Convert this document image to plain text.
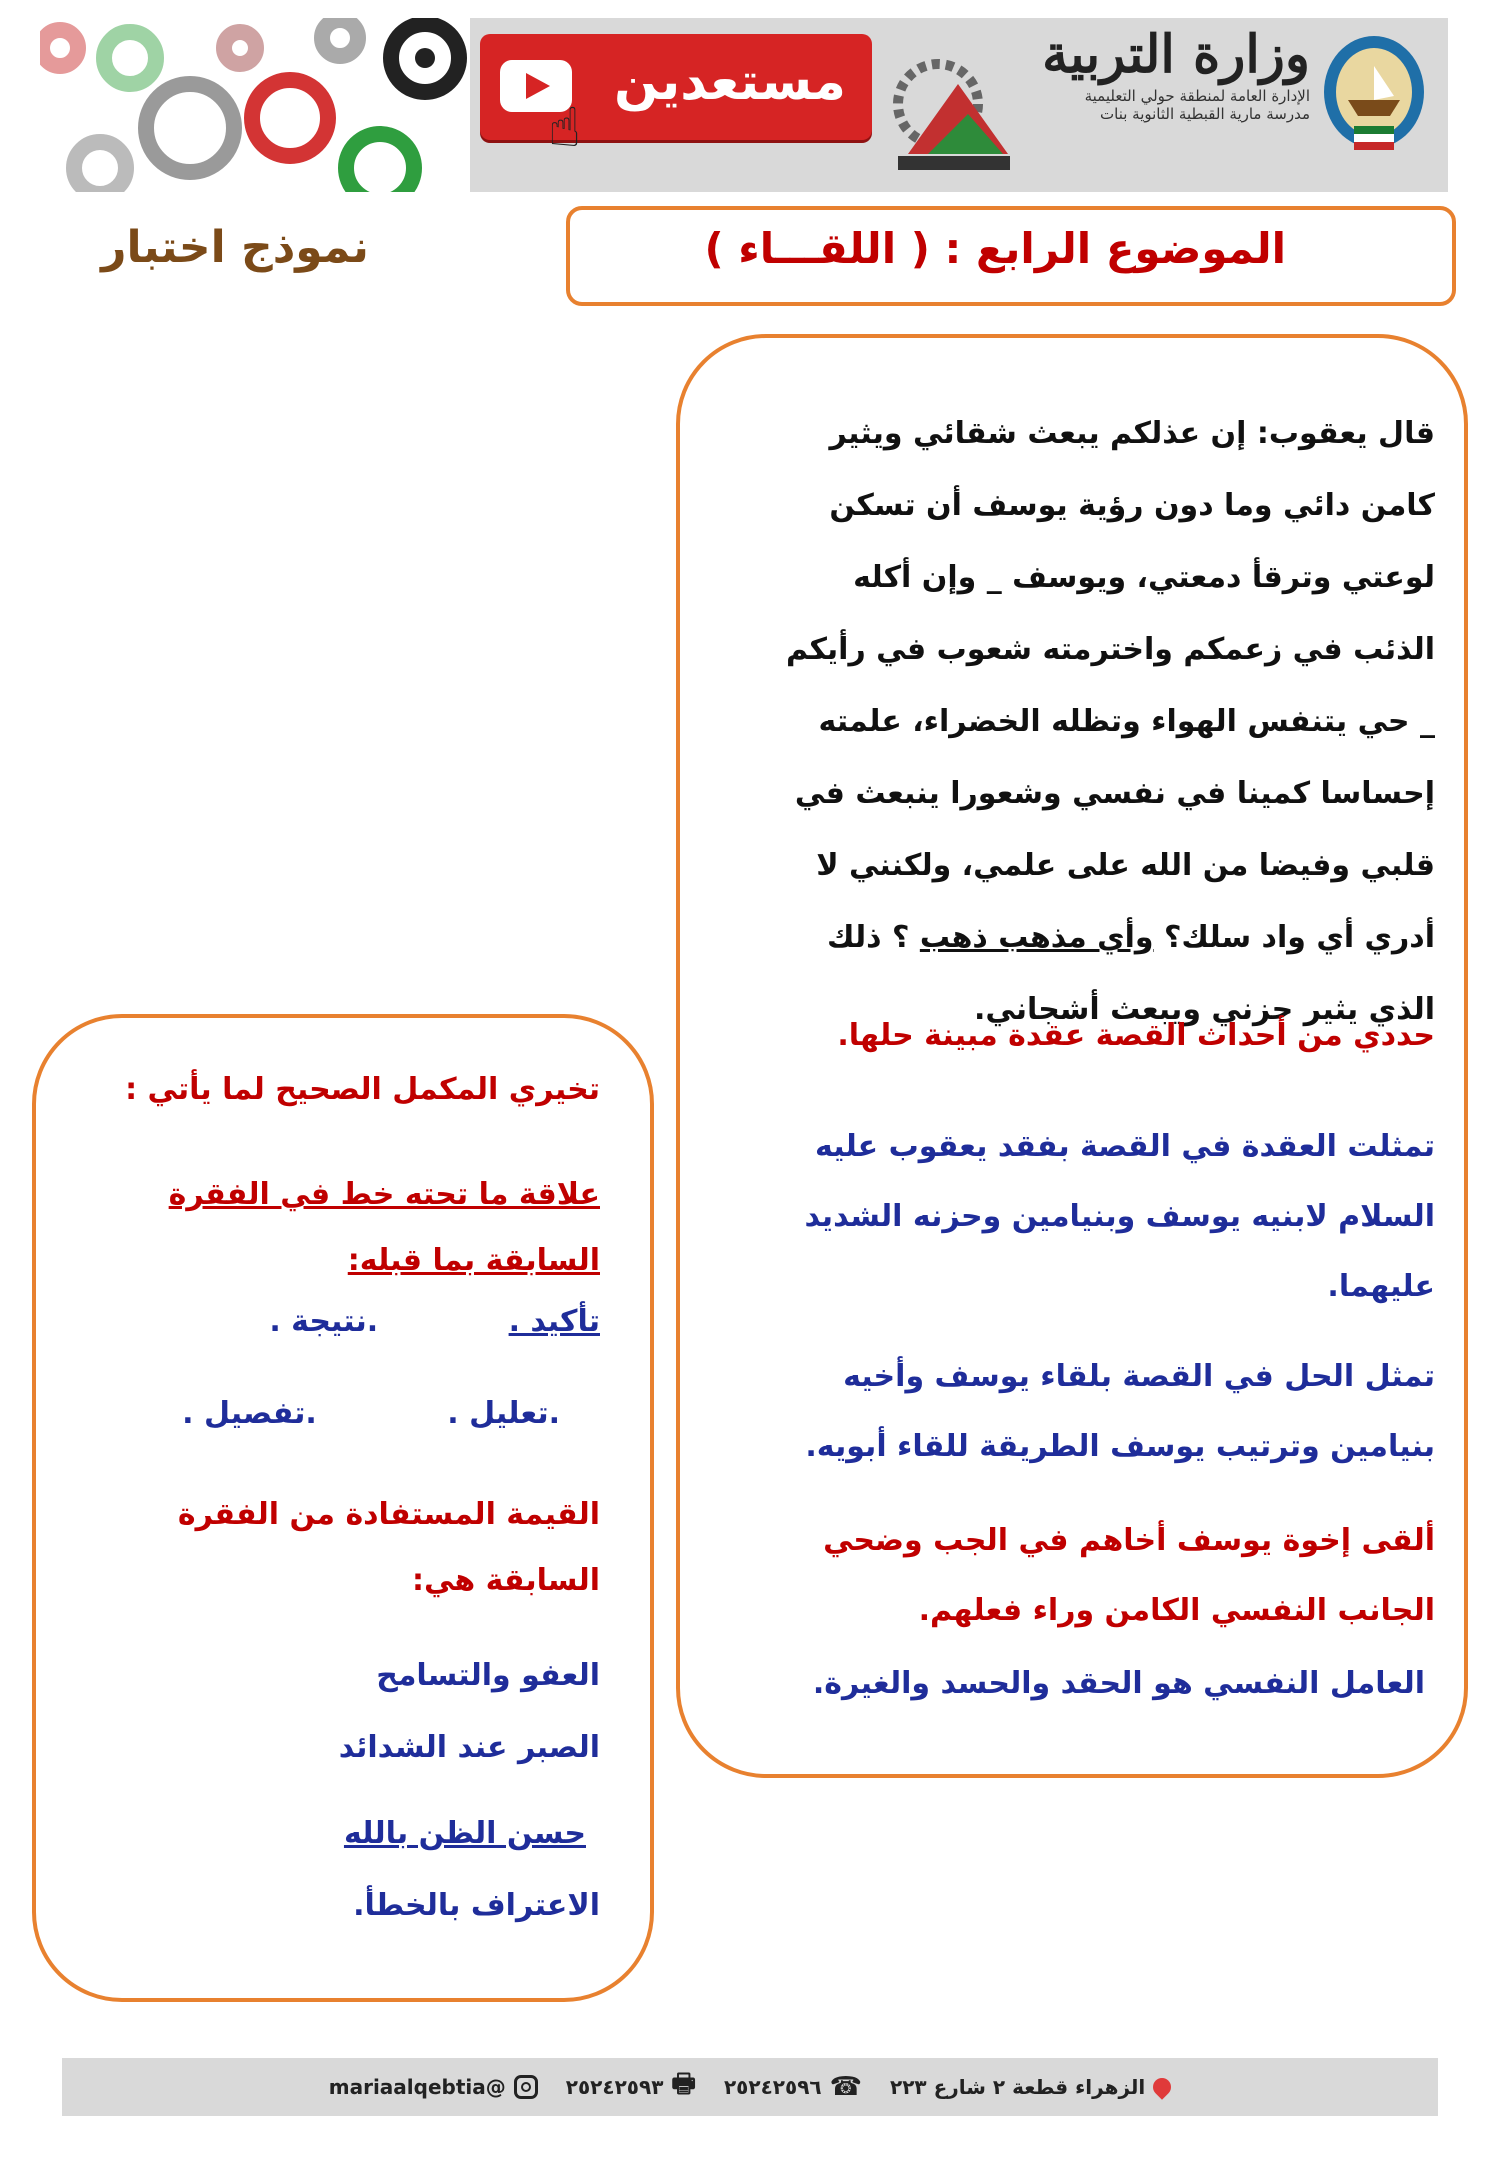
مستعدين
☝
وزارة التربية
الإدارة العامة لمنطقة حولي التعليمية
مدرسة مارية القبطية الثانوية بنات
الموضوع الرابع : ( اللقـــاء )
نموذج اختبار
قال يعقوب: إن عذلكم يبعث شقائي ويثير
كامن دائي وما دون رؤية يوسف أن تسكن
لوعتي وترقأ دمعتي، ويوسف _ وإن أكله
الذئب في زعمكم واخترمته شعوب في رأيكم
_ حي يتنفس الهواء وتظله الخضراء، علمته
إحساسا كمينا في نفسي وشعورا ينبعث في
قلبي وفيضا من الله على علمي، ولكنني لا
أدري أي واد سلك؟ وأي مذهب ذهب ؟ ذلك
الذي يثير حزني ويبعث أشجاني.
حددي من أحداث القصة عقدة مبينة حلها.
تمثلت العقدة في القصة بفقد يعقوب عليه السلام لابنيه يوسف وبنيامين وحزنه الشديد عليهما.
تمثل الحل في القصة بلقاء يوسف وأخيه بنيامين وترتيب يوسف الطريقة للقاء أبويه.
ألقى إخوة يوسف أخاهم في الجب وضحي الجانب النفسي الكامن وراء فعلهم.
العامل النفسي هو الحقد والحسد والغيرة.
تخيري المكمل الصحيح لما يأتي :
علاقة ما تحته خط في الفقرة السابقة بما قبله:
تأكيد . .نتيجة .
.تعليل . .تفصيل .
القيمة المستفادة من الفقرة السابقة هي:
العفو والتسامح
الصبر عند الشدائد
حسن الظن بالله
الاعتراف بالخطأ.
الزهراء قطعة ٢ شارع ٢٢٣
☎
٢٥٢٤٢٥٩٦
🖶
٢٥٢٤٢٥٩٣
@mariaalqebtia
